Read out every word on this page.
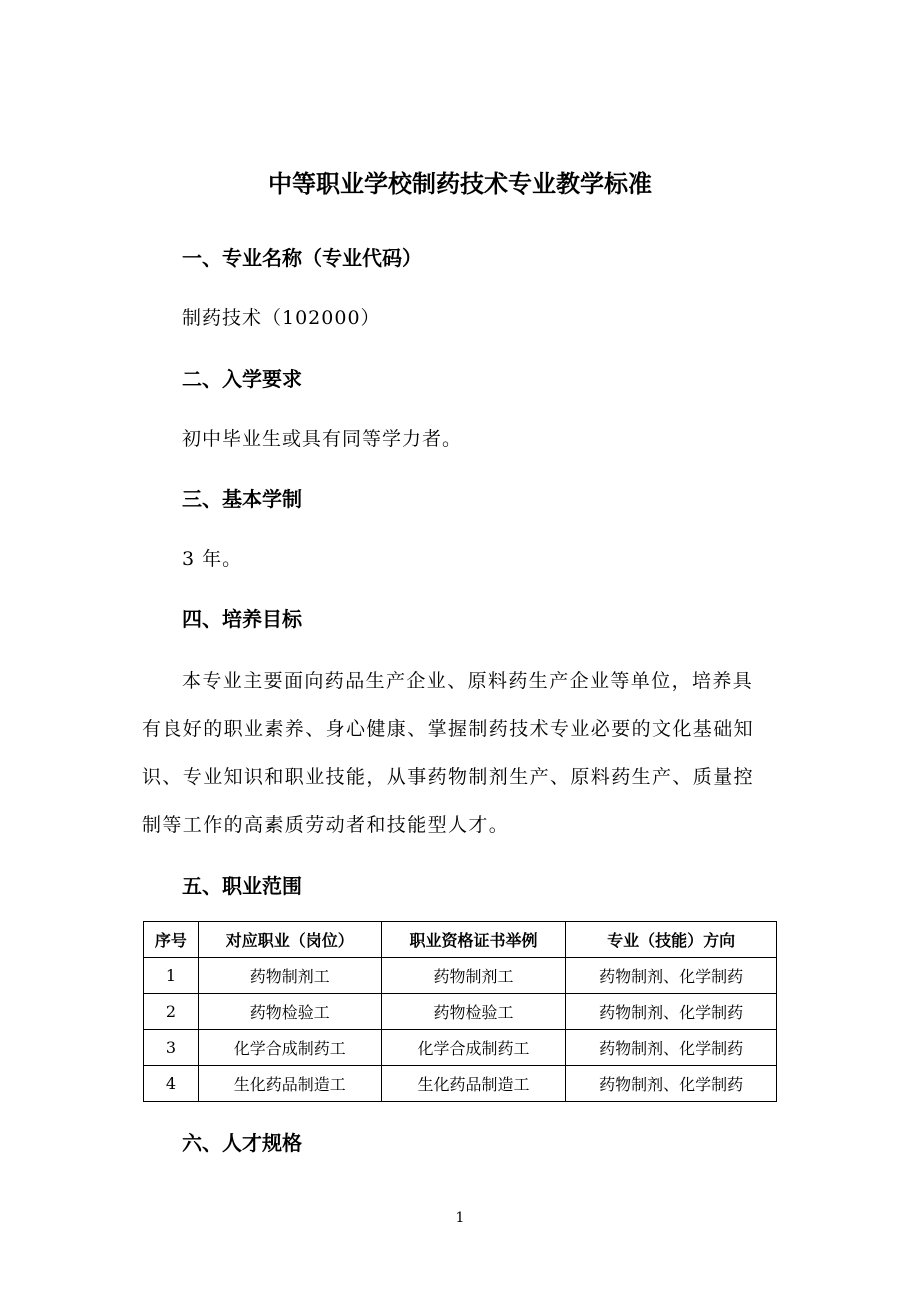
中等职业学校制药技术专业教学标准
一、专业名称（专业代码）
制药技术（102000）
二、入学要求
初中毕业生或具有同等学力者。
三、基本学制
3 年。
四、培养目标
本专业主要面向药品生产企业、原料药生产企业等单位，培养具
有良好的职业素养、身心健康、掌握制药技术专业必要的文化基础知
识、专业知识和职业技能，从事药物制剂生产、原料药生产、质量控
制等工作的高素质劳动者和技能型人才。
五、职业范围
序号	对应职业（岗位）	职业资格证书举例	专业（技能）方向
1	药物制剂工	药物制剂工	药物制剂、化学制药
2	药物检验工	药物检验工	药物制剂、化学制药
3	化学合成制药工	化学合成制药工	药物制剂、化学制药
4	生化药品制造工	生化药品制造工	药物制剂、化学制药
六、人才规格
1
